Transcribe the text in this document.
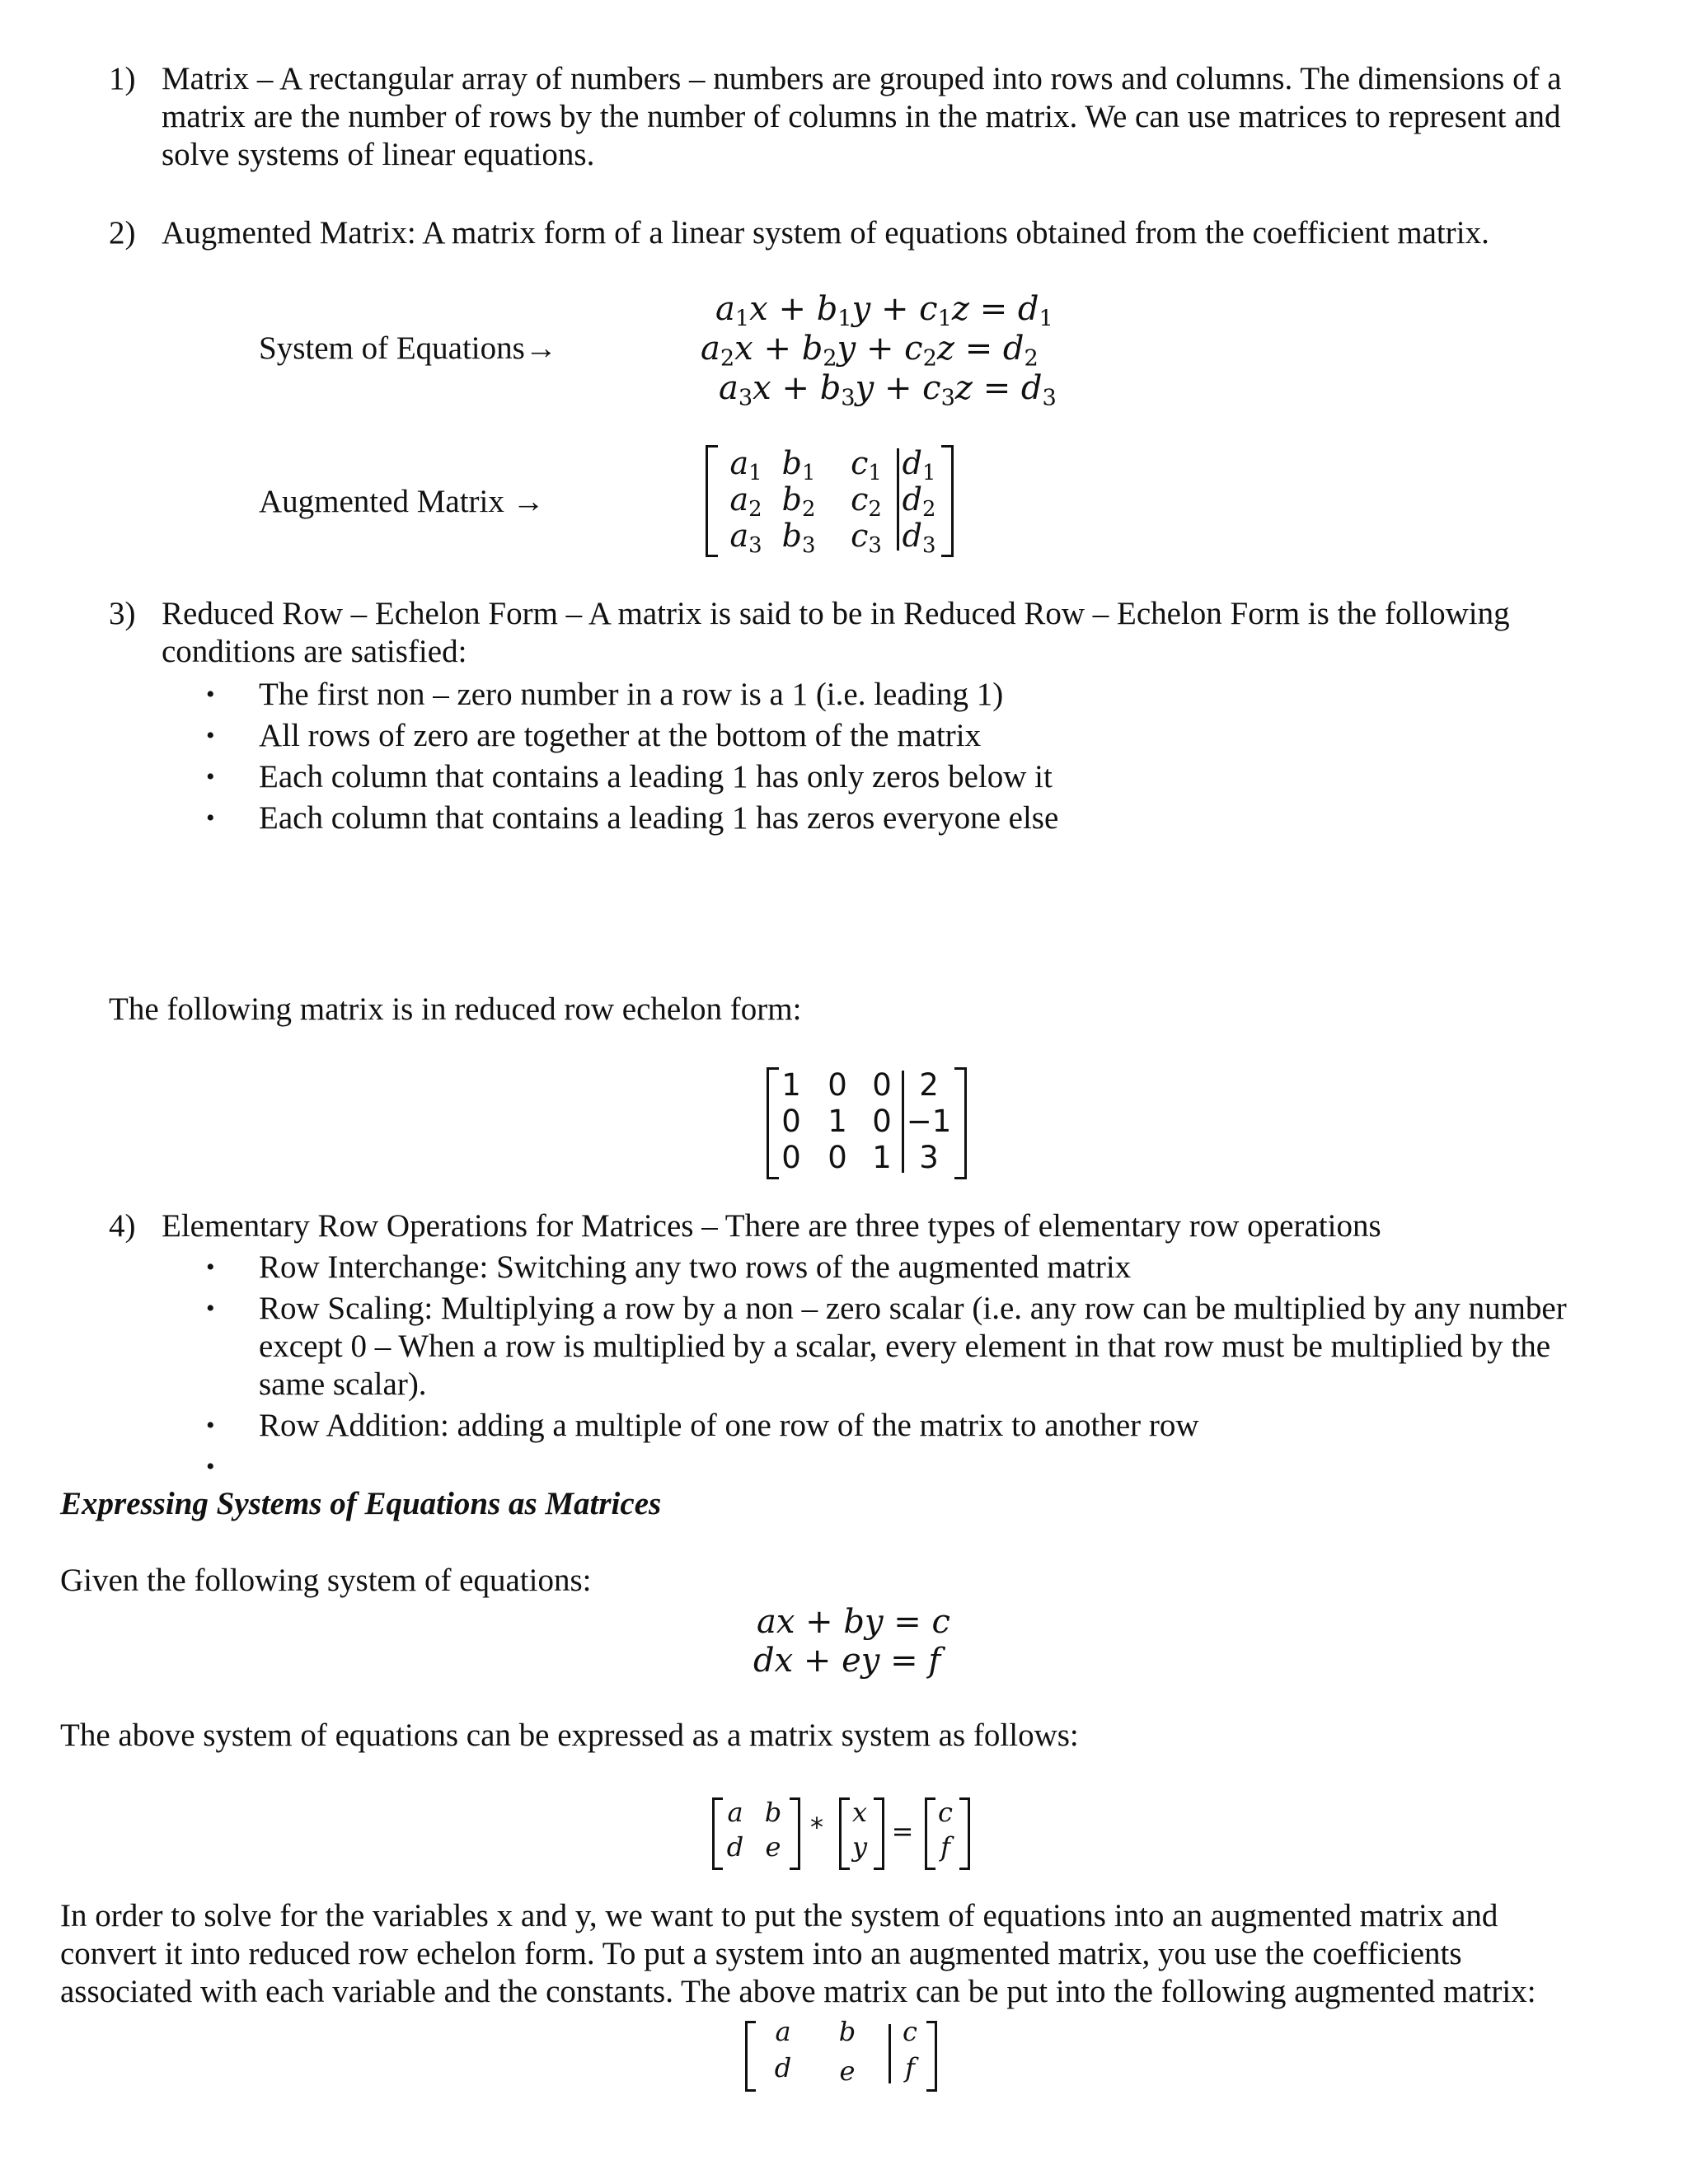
1) Matrix – A rectangular array of numbers – numbers are grouped into rows and columns. The dimensions of a
matrix are the number of rows by the number of columns in the matrix. We can use matrices to represent and
solve systems of linear equations.
2) Augmented Matrix: A matrix form of a linear system of equations obtained from the coefficient matrix.
System of Equations→
$a_1x + b_1y + c_1z = d_1$
$a_2x + b_2y + c_2z = d_2$
$a_3x + b_3y + c_3z = d_3$
Augmented Matrix →
$a_1$ $b_1$	$c_1$ $d_1$
$a_2$ $b_2$	$c_2$ $d_2$
$a_3$ $b_3$	$c_3$ $d_3$
3) Reduced Row – Echelon Form – A matrix is said to be in Reduced Row – Echelon Form is the following
conditions are satisfied:
• The first non – zero number in a row is a 1 (i.e. leading 1)
• All rows of zero are together at the bottom of the matrix
• Each column that contains a leading 1 has only zeros below it
• Each column that contains a leading 1 has zeros everyone else
The following matrix is in reduced row echelon form:
1 0 0 2
0 1 0 −1
0 0 1 3
4) Elementary Row Operations for Matrices – There are three types of elementary row operations
• Row Interchange: Switching any two rows of the augmented matrix
• Row Scaling: Multiplying a row by a non – zero scalar (i.e. any row can be multiplied by any number
except 0 – When a row is multiplied by a scalar, every element in that row must be multiplied by the
same scalar).
• Row Addition: adding a multiple of one row of the matrix to another row
•
Expressing Systems of Equations as Matrices
Given the following system of equations:
ax + by = c
dx + ey = f
The above system of equations can be expressed as a matrix system as follows:
a b
d e
* x
y =
c
f
In order to solve for the variables x and y, we want to put the system of equations into an augmented matrix and
convert it into reduced row echelon form. To put a system into an augmented matrix, you use the coefficients
associated with each variable and the constants. The above matrix can be put into the following augmented matrix:
a	b	c
d	e	f
